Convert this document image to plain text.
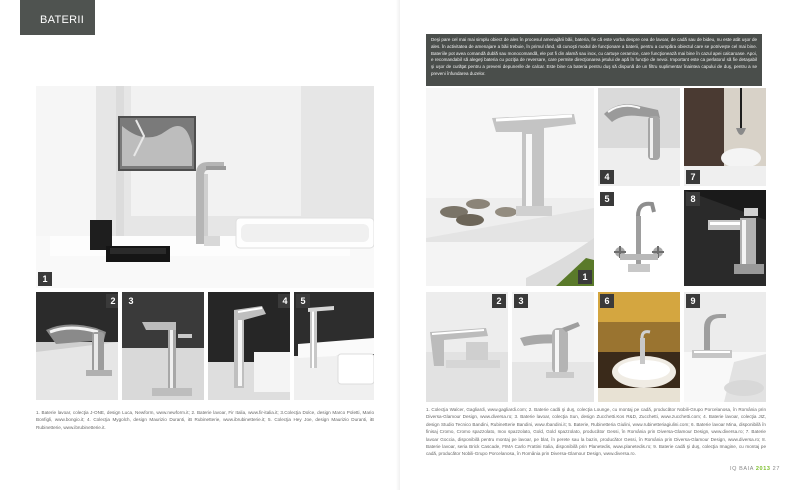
BATERII
1
2	3	4	5

1. Baterie lavoar, colecţia J-ONE, design Luca, Newform, www.newform.it; 2. Baterie lavoar, Fir Italia, www.fir-italia.it; 3.Colecţia Dolce, design Marco Poletti, Mario Bonfigli, www.bongio.it; 4. Colecţia Mygolch, design Maurizio Duranti, iB Rubinetterie, www.ibrubinetterie.it; 5. Colecţia Hey Joe, design Maurizio Duranti, iB Rubinetterie, www.ibrubinetterie.it.

1
4	7
5	8
2	3	6	9

1. Colecţia Walcer, Gagliardi, www.gagliardi.com; 2. Baterie cadă şi duş, colecţia Lounge, cu montaj pe cadă, producător Nobili-Grupo Porcelanosa, în România prin Diversa-Glamour Design, www.diversa.ro; 3. Baterie lavoar, colecţia Sun, design Zucchetti.Kos R&D, Zucchetti, www.zucchetti.com; 4. Baterie lavoar, colecţia JIZ, design Studio Tecnico Bandini, Rubinetterie Bandini, www.rbandini.it; 5. Baterie, Rubinetteria Giulini, www.rubinetteriagiulini.com; 6. Baterie lavoar Mina, disponibilă în finisaj Cromo, Cromo spazzolato, Inox spazzolato, Gold, Gold spazzolato, producător Gessi, în România prin Diversa-Glamour Design, www.diversa.ro; 7. Baterie lavoar Goccia, disponibilă pentru montaj pe lavoar, pe blat, în perete sau la bazin, producător Gessi, în România prin Diversa-Glamour Design, www.diversa.ro; 8. Baterie lavoar, seria Brick Cascade, FIMA Carlo Frattini Italia, disponibilă prin Planetedis, www.planetedis.ro; 9. Baterie cadă şi duş, colecţia Imagine, cu montaj pe cadă, producător Nobili-Grupo Porcelanosa, în România prin Diversa-Glamour Design, www.diversa.ro.

Deşi pare cel mai mai simplu obiect de ales în procesul amenajării băii, bateria, fie că este vorba despre cea de lavoar, de cadă sau de bideu, nu este atât uşor de ales. În activitatea de amenajare a băii trebuie, în primul rând, să cunoşti modul de funcţionare a baterii, pentru a cumpăra obiectul care se potriveşte cel mai bine. Bateriile pot avea comandă dublă sau monocomandă, ele pot fi din alamă sau inox, cu cartuşe ceramice, care funcţionează mai bine în cazul apei calcaroase. Apoi, e recomandabil să alegeţi bateria cu poziţia de reversare, care permite direcţionarea jetului de apă în funcţie de nevoi. Important este ca perlatorul să fie detaşabil şi uşor de curăţat pentru a preveni depunerile de calcar. Este bine ca bateria pentru duş să dispună de un filtru suplimentar înaintea capului de duş, pentru a se preveni înfundarea duzelor.
IQ BAIA 2013 27
